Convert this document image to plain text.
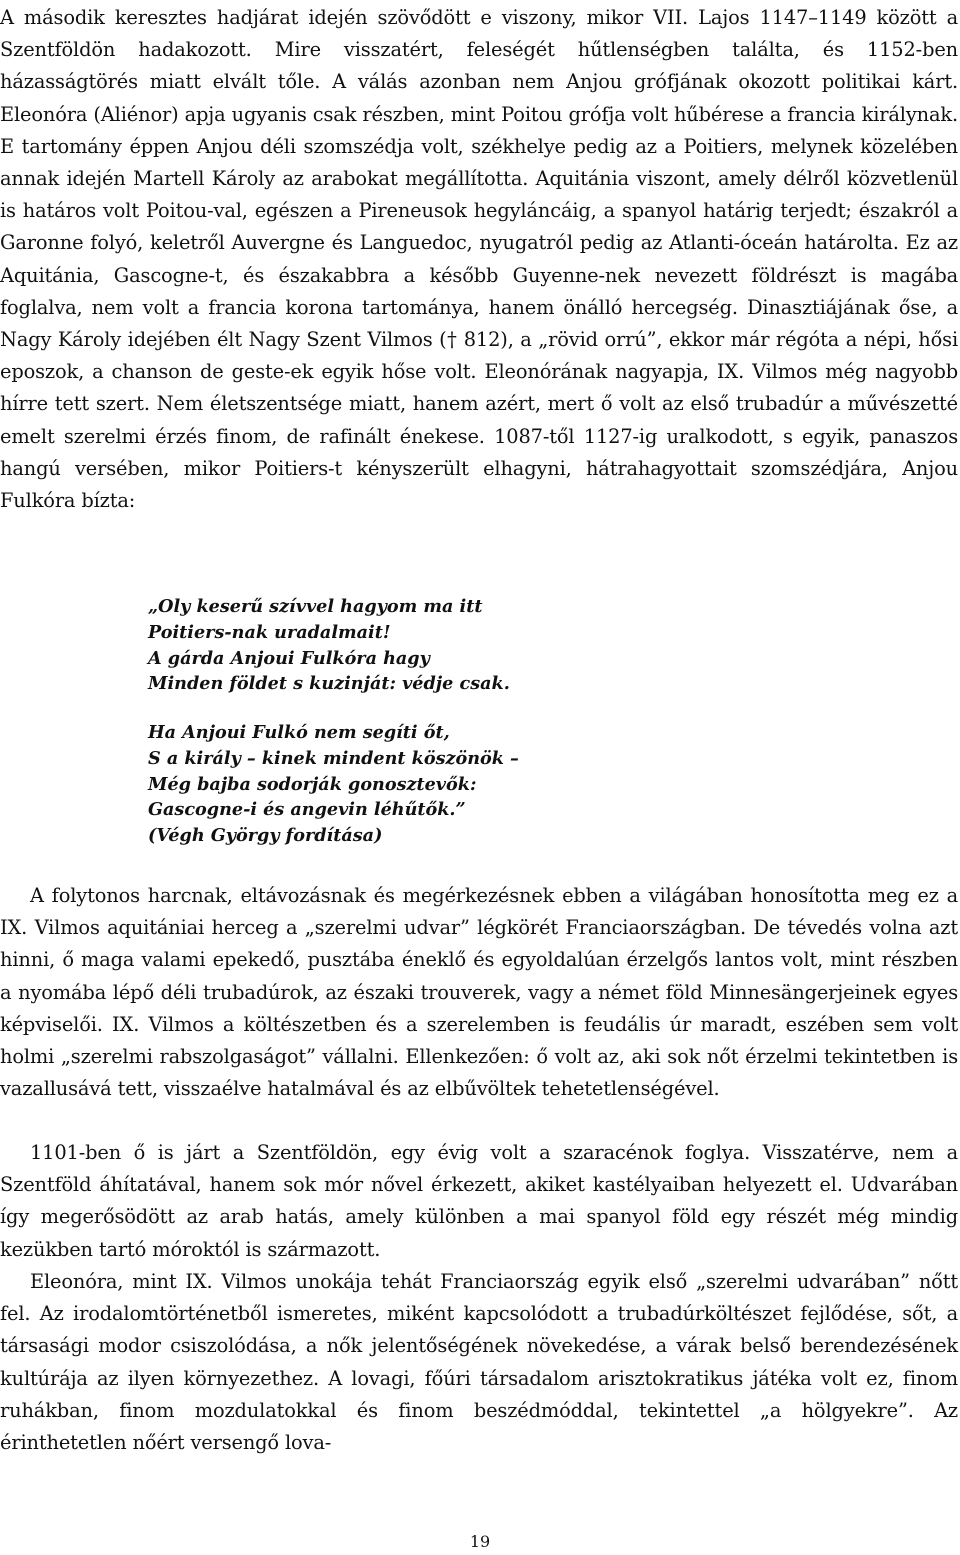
A második keresztes hadjárat idején szövődött e viszony, mikor VII. Lajos 1147–1149 között a Szentföldön hadakozott. Mire visszatért, feleségét hűtlenségben találta, és 1152-ben házasságtörés miatt elvált tőle. A válás azonban nem Anjou grófjának okozott politikai kárt. Eleonóra (Aliénor) apja ugyanis csak részben, mint Poitou grófja volt hűbérese a francia királynak. E tartomány éppen Anjou déli szomszédja volt, székhelye pedig az a Poitiers, melynek közelében annak idején Martell Károly az arabokat megállította. Aquitánia viszont, amely délről közvetlenül is határos volt Poitou-val, egészen a Pireneusok hegyláncáig, a spanyol határig terjedt; északról a Garonne folyó, keletről Auvergne és Languedoc, nyugatról pedig az Atlanti-óceán határolta. Ez az Aquitánia, Gascogne-t, és északabbra a később Guyenne-nek nevezett földrészt is magába foglalva, nem volt a francia korona tartománya, hanem önálló hercegség. Dinasztiájának őse, a Nagy Károly idejében élt Nagy Szent Vilmos († 812), a „rövid orrú”, ekkor már régóta a népi, hősi eposzok, a chanson de geste-ek egyik hőse volt. Eleonórának nagyapja, IX. Vilmos még nagyobb hírre tett szert. Nem életszentsége miatt, hanem azért, mert ő volt az első trubadúr a művészetté emelt szerelmi érzés finom, de rafinált énekese. 1087-től 1127-ig uralkodott, s egyik, panaszos hangú versében, mikor Poitiers-t kényszerült elhagyni, hátrahagyottait szomszédjára, Anjou Fulkóra bízta:

„Oly keserű szívvel hagyom ma itt
Poitiers-nak uradalmait!
A gárda Anjoui Fulkóra hagy
Minden földet s kuzinját: védje csak.
Ha Anjoui Fulkó nem segíti őt,
S a király – kinek mindent köszönök –
Még bajba sodorják gonosztevők:
Gascogne-i és angevin léhűtők.”
(Végh György fordítása)

A folytonos harcnak, eltávozásnak és megérkezésnek ebben a világában honosította meg ez a IX. Vilmos aquitániai herceg a „szerelmi udvar” légkörét Franciaországban. De tévedés volna azt hinni, ő maga valami epekedő, pusztába éneklő és egyoldalúan érzelgős lantos volt, mint részben a nyomába lépő déli trubadúrok, az északi trouverek, vagy a német föld Minnesängerjeinek egyes képviselői. IX. Vilmos a költészetben és a szerelemben is feudális úr maradt, eszében sem volt holmi „szerelmi rabszolgaságot” vállalni. Ellenkezően: ő volt az, aki sok nőt érzelmi tekintetben is vazallusává tett, visszaélve hatalmával és az elbűvöltek tehetetlenségével.

1101-ben ő is járt a Szentföldön, egy évig volt a szaracénok foglya. Visszatérve, nem a Szentföld áhítatával, hanem sok mór nővel érkezett, akiket kastélyaiban helyezett el. Udvarában így megerősödött az arab hatás, amely különben a mai spanyol föld egy részét még mindig kezükben tartó móroktól is származott.

Eleonóra, mint IX. Vilmos unokája tehát Franciaország egyik első „szerelmi udvarában” nőtt fel. Az irodalomtörténetből ismeretes, miként kapcsolódott a trubadúrköltészet fejlődése, sőt, a társasági modor csiszolódása, a nők jelentőségének növekedése, a várak belső berendezésének kultúrája az ilyen környezethez. A lovagi, főúri társadalom arisztokratikus játéka volt ez, finom ruhákban, finom mozdulatokkal és finom beszédmóddal, tekintettel „a hölgyekre”. Az érinthetetlen nőért versengő lova-

19
